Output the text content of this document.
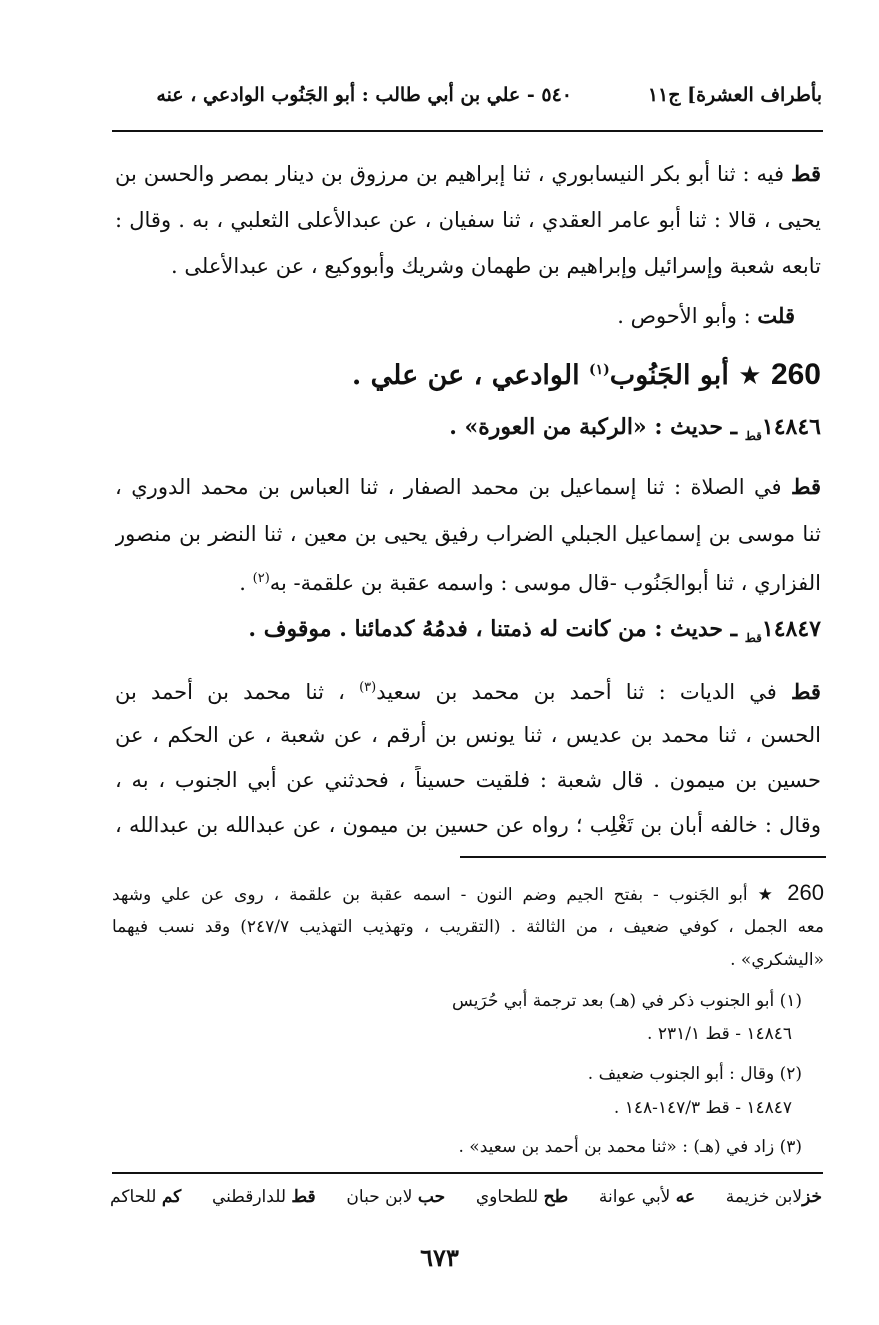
بأطراف العشرة] ج١١
٥٤٠ - علي بن أبي طالب : أبو الجَنُوب الوادعي ، عنه
قط فيه : ثنا أبو بكر النيسابوري ، ثنا إبراهيم بن مرزوق بن دينار بمصر والحسن بن
يحيى ، قالا : ثنا أبو عامر العقدي ، ثنا سفيان ، عن عبدالأعلى الثعلبي ، به . وقال :
تابعه شعبة وإسرائيل وإبراهيم بن طهمان وشريك وأبووكيع ، عن عبدالأعلى .
قلت : وأبو الأحوص .
260 ★ أبو الجَنُوب$^{(١)}$ الوادعي ، عن علي .
$١٤٨٤٦_{قط}$ ـ حديث : «الركبة من العورة» .
قط في الصلاة : ثنا إسماعيل بن محمد الصفار ، ثنا العباس بن محمد الدوري ،
ثنا موسى بن إسماعيل الجبلي الضراب رفيق يحيى بن معين ، ثنا النضر بن منصور
الفزاري ، ثنا أبوالجَنُوب -قال موسى : واسمه عقبة بن علقمة- به$^{(٢)}$ .
$١٤٨٤٧_{قط}$ ـ حديث : من كانت له ذمتنا ، فدمُهُ كدمائنا . موقوف .
قط في الديات : ثنا أحمد بن محمد بن سعيد$^{(٣)}$ ، ثنا محمد بن أحمد بن
الحسن ، ثنا محمد بن عديس ، ثنا يونس بن أرقم ، عن شعبة ، عن الحكم ، عن
حسين بن ميمون . قال شعبة : فلقيت حسيناً ، فحدثني عن أبي الجنوب ، به ،
وقال : خالفه أبان بن تَغْلِب ؛ رواه عن حسين بن ميمون ، عن عبدالله بن عبدالله ،
260 ★ أبو الجَنوب - بفتح الجيم وضم النون - اسمه عقبة بن علقمة ، روى عن علي وشهد
معه الجمل ، كوفي ضعيف ، من الثالثة . (التقريب ، وتهذيب التهذيب ٢٤٧/٧) وقد نسب فيهما
«اليشكري» .
(١) أبو الجنوب ذكر في (هـ) بعد ترجمة أبي حُرَيس
١٤٨٤٦ - قط ٢٣١/١ .
(٢) وقال : أبو الجنوب ضعيف .
١٤٨٤٧ - قط ١٤٧/٣-١٤٨ .
(٣) زاد في (هـ) : «ثنا محمد بن أحمد بن سعيد» .
خزلابن خزيمة
عه لأبي عوانة
طح للطحاوي
حب لابن حبان
قط للدارقطني
كم للحاكم
٦٧٣
